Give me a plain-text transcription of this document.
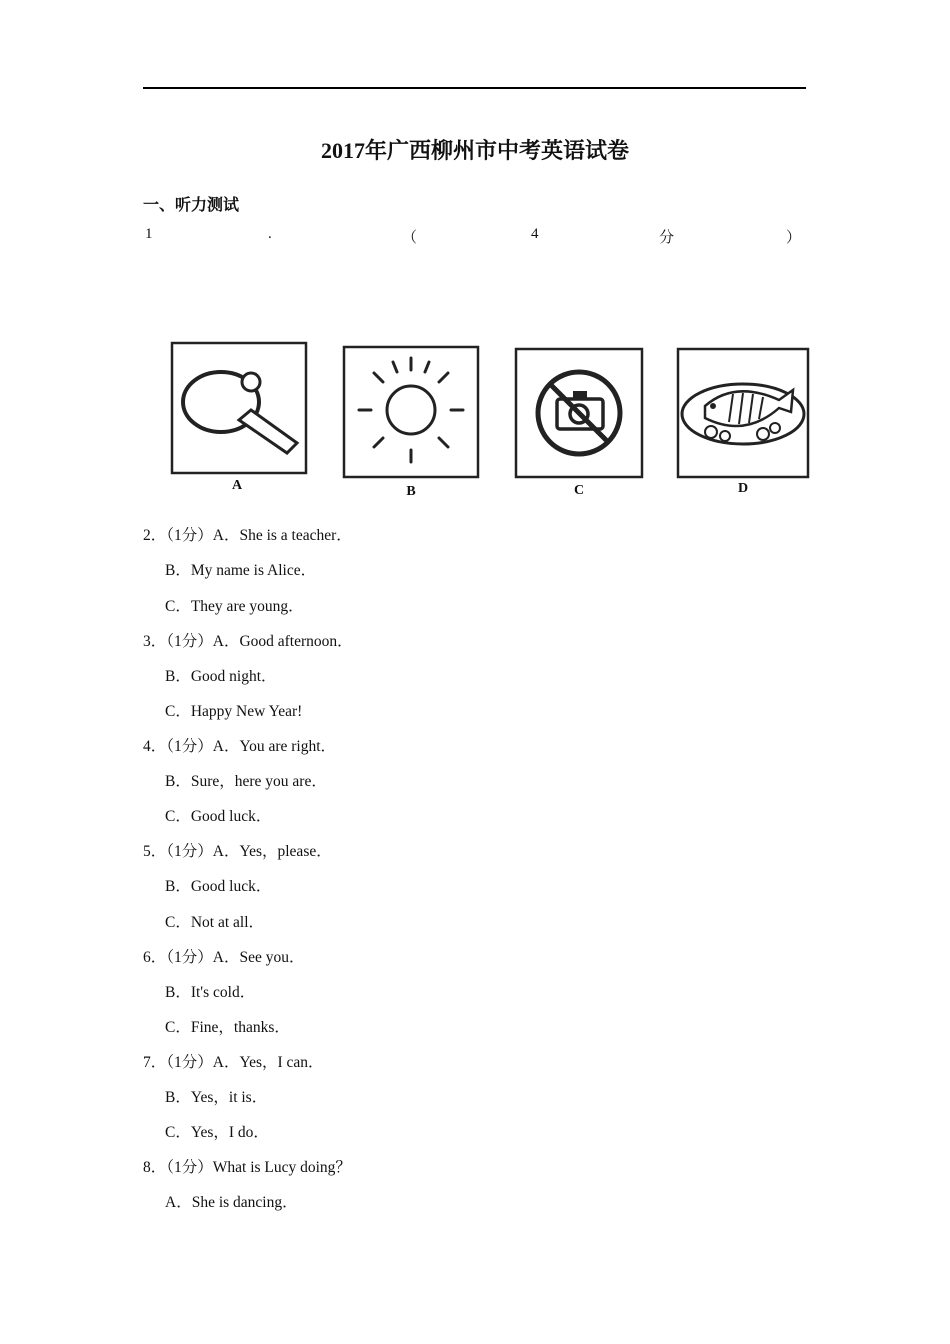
2017年广西柳州市中考英语试卷
一、听力测试
1	.	（	4	分	）
A	B	C	D
2．（1分）A．She is a teacher．
B．My name is Alice．
C．They are young．
3．（1分）A．Good afternoon．
B．Good night．
C．Happy New Year!
4．（1分）A．You are right．
B．Sure，here you are．
C．Good luck．
5．（1分）A．Yes，please．
B．Good luck．
C．Not at all．
6．（1分）A．See you．
B．It's cold．
C．Fine，thanks．
7．（1分）A．Yes，I can．
B．Yes，it is．
C．Yes，I do．
8．（1分）What is Lucy doing？
A．She is dancing．
